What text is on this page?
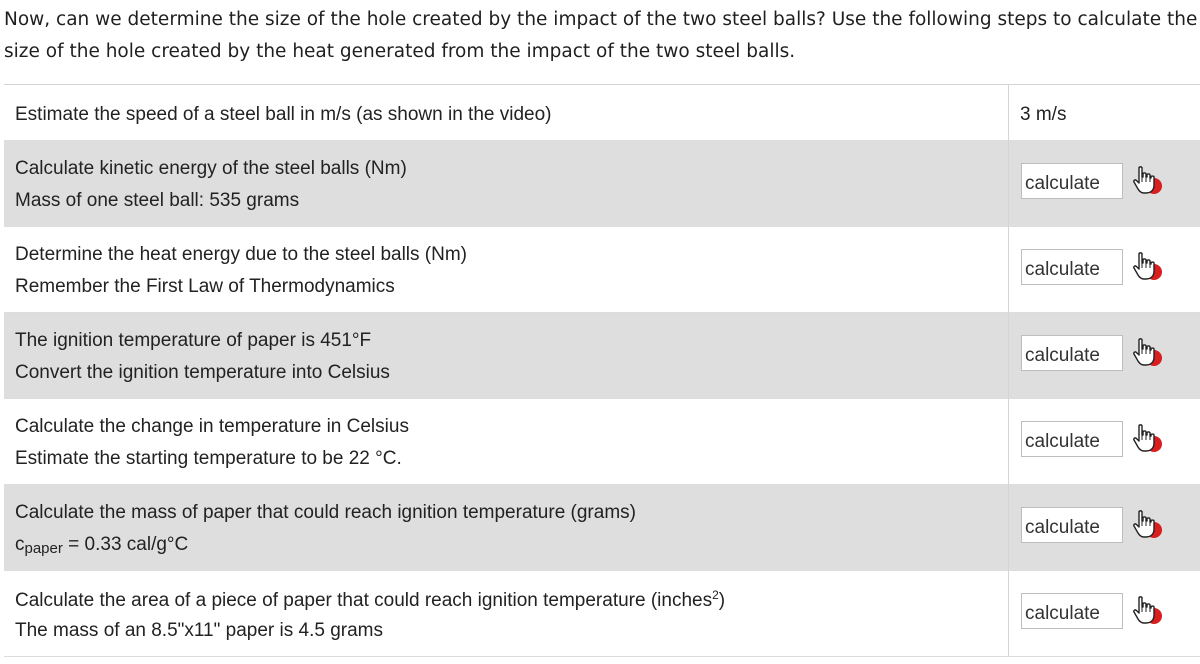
Now, can we determine the size of the hole created by the impact of the two steel balls? Use the following steps to calculate the size of the hole created by the heat generated from the impact of the two steel balls.

Estimate the speed of a steel ball in m/s (as shown in the video)	3 m/s
Calculate kinetic energy of the steel balls (Nm)
Mass of one steel ball: 535 grams
calculate
Determine the heat energy due to the steel balls (Nm)
Remember the First Law of Thermodynamics
calculate
The ignition temperature of paper is 451°F
Convert the ignition temperature into Celsius
calculate
Calculate the change in temperature in Celsius
Estimate the starting temperature to be 22 °C.
calculate
Calculate the mass of paper that could reach ignition temperature (grams)
cpaper = 0.33 cal/g°C
calculate
Calculate the area of a piece of paper that could reach ignition temperature (inches$^2$)
The mass of an 8.5"x11" paper is 4.5 grams
calculate
